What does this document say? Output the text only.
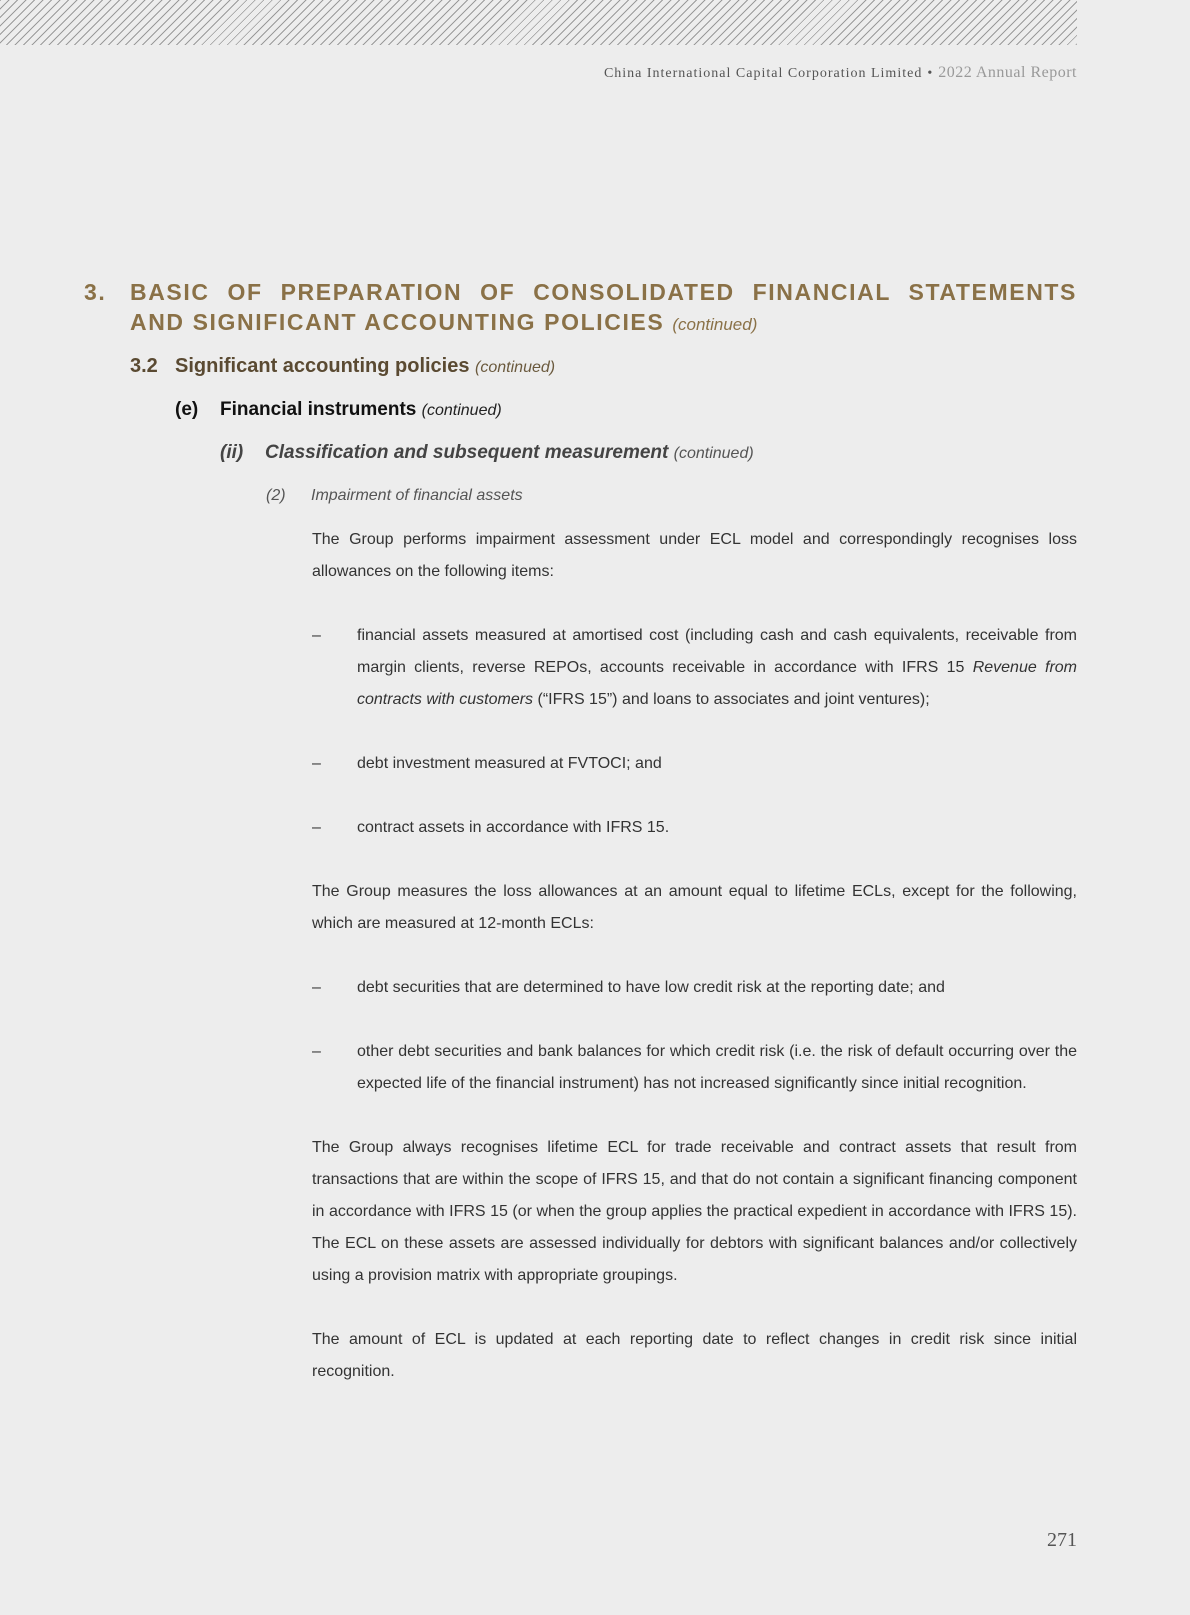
China International Capital Corporation Limited • 2022 Annual Report
3.	BASIC OF PREPARATION OF CONSOLIDATED FINANCIAL STATEMENTS AND SIGNIFICANT ACCOUNTING POLICIES (continued)
3.2 Significant accounting policies (continued)
(e)	Financial instruments (continued)
(ii)	Classification and subsequent measurement (continued)
(2)	Impairment of financial assets

The Group performs impairment assessment under ECL model and correspondingly recognises loss allowances on the following items:

–	financial assets measured at amortised cost (including cash and cash equivalents, receivable from margin clients, reverse REPOs, accounts receivable in accordance with IFRS 15 Revenue from contracts with customers (“IFRS 15”) and loans to associates and joint ventures);
–	debt investment measured at FVTOCI; and
–	contract assets in accordance with IFRS 15.

The Group measures the loss allowances at an amount equal to lifetime ECLs, except for the following, which are measured at 12-month ECLs:

–	debt securities that are determined to have low credit risk at the reporting date; and
–	other debt securities and bank balances for which credit risk (i.e. the risk of default occurring over the expected life of the financial instrument) has not increased significantly since initial recognition.

The Group always recognises lifetime ECL for trade receivable and contract assets that result from transactions that are within the scope of IFRS 15, and that do not contain a significant financing component in accordance with IFRS 15 (or when the group applies the practical expedient in accordance with IFRS 15). The ECL on these assets are assessed individually for debtors with significant balances and/or collectively using a provision matrix with appropriate groupings.

The amount of ECL is updated at each reporting date to reflect changes in credit risk since initial recognition.

271
